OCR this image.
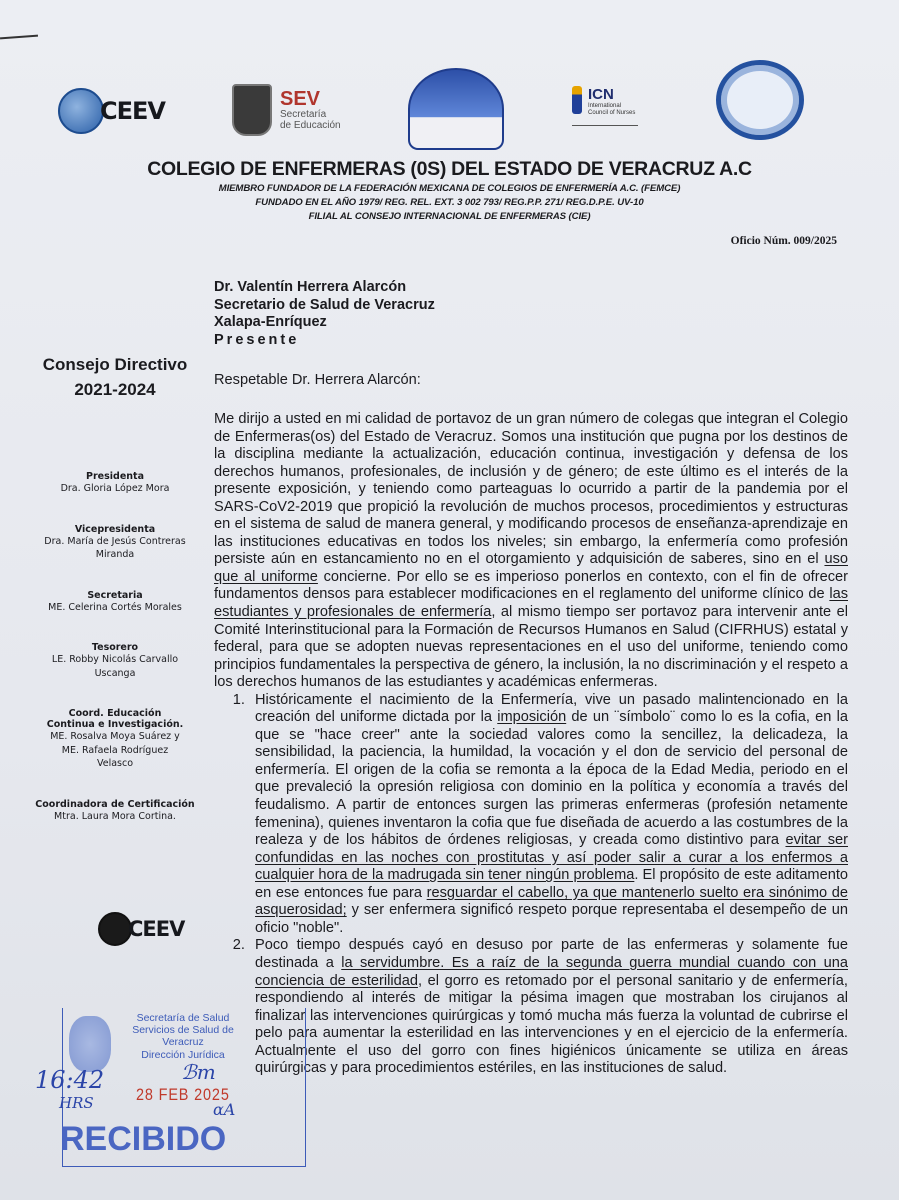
CEEV	SEV
Secretaría
de Educación
ICN
International Council of Nurses
COLEGIO DE ENFERMERAS (0S) DEL ESTADO DE VERACRUZ A.C
MIEMBRO FUNDADOR DE LA FEDERACIÓN MEXICANA DE COLEGIOS DE ENFERMERÍA A.C. (FEMCE)
FUNDADO EN EL AÑO 1979/ REG. REL. EXT. 3 002 793/ REG.P.P. 271/ REG.D.P.E. UV-10
FILIAL AL CONSEJO INTERNACIONAL DE ENFERMERAS (CIE)
Oficio Núm. 009/2025
Dr. Valentín Herrera Alarcón
Secretario de Salud de Veracruz
Xalapa-Enríquez
Presente
Respetable Dr. Herrera Alarcón:

Me dirijo a usted en mi calidad de portavoz de un gran número de colegas que integran el Colegio de Enfermeras(os) del Estado de Veracruz. Somos una institución que pugna por los destinos de la disciplina mediante la actualización, educación continua, investigación y defensa de los derechos humanos, profesionales, de inclusión y de género; de este último es el interés de la presente exposición, y teniendo como parteaguas lo ocurrido a partir de la pandemia por el SARS-CoV2-2019 que propició la revolución de muchos procesos, procedimientos y estructuras en el sistema de salud de manera general, y modificando procesos de enseñanza-aprendizaje en las instituciones educativas en todos los niveles; sin embargo, la enfermería como profesión persiste aún en estancamiento no en el otorgamiento y adquisición de saberes, sino en el uso que al uniforme concierne. Por ello se es imperioso ponerlos en contexto, con el fin de ofrecer fundamentos densos para establecer modificaciones en el reglamento del uniforme clínico de las estudiantes y profesionales de enfermería, al mismo tiempo ser portavoz para intervenir ante el Comité Interinstitucional para la Formación de Recursos Humanos en Salud (CIFRHUS) estatal y federal, para que se adopten nuevas representaciones en el uso del uniforme, teniendo como principios fundamentales la perspectiva de género, la inclusión, la no discriminación y el respeto a los derechos humanos de las estudiantes y académicas enfermeras.

1. Históricamente el nacimiento de la Enfermería, vive un pasado malintencionado en la creación del uniforme dictada por la imposición de un ¨símbolo¨ como lo es la cofia, en la que se "hace creer" ante la sociedad valores como la sencillez, la delicadeza, la sensibilidad, la paciencia, la humildad, la vocación y el don de servicio del personal de enfermería. El origen de la cofia se remonta a la época de la Edad Media, periodo en el que prevaleció la opresión religiosa con dominio en la política y economía a través del feudalismo. A partir de entonces surgen las primeras enfermeras (profesión netamente femenina), quienes inventaron la cofia que fue diseñada de acuerdo a las costumbres de la realeza y de los hábitos de órdenes religiosas, y creada como distintivo para evitar ser confundidas en las noches con prostitutas y así poder salir a curar a los enfermos a cualquier hora de la madrugada sin tener ningún problema. El propósito de este aditamento en ese entonces fue para resguardar el cabello, ya que mantenerlo suelto era sinónimo de asquerosidad; y ser enfermera significó respeto porque representaba el desempeño de un oficio "noble".
2. Poco tiempo después cayó en desuso por parte de las enfermeras y solamente fue destinada a la servidumbre. Es a raíz de la segunda guerra mundial cuando con una conciencia de esterilidad, el gorro es retomado por el personal sanitario y de enfermería, respondiendo al interés de mitigar la pésima imagen que mostraban los cirujanos al finalizar las intervenciones quirúrgicas y tomó mucha más fuerza la voluntad de cubrirse el pelo para aumentar la esterilidad en las intervenciones y en el ejercicio de la enfermería. Actualmente el uso del gorro con fines higiénicos únicamente se utiliza en áreas quirúrgicas y para procedimientos estériles, en las instituciones de salud.
Consejo Directivo 2021-2024
Presidenta
Dra. Gloria López Mora
Vicepresidenta
Dra. María de Jesús Contreras
Miranda
Secretaria
ME. Celerina Cortés Morales
Tesorero
LE. Robby Nicolás Carvallo
Uscanga
Coord. Educación Continua e Investigación.
ME. Rosalva Moya Suárez y
ME. Rafaela Rodríguez
Velasco
Coordinadora de Certificación
Mtra. Laura Mora Cortina.
CEEV
Secretaría de Salud
Servicios de Salud de Veracruz
Dirección Jurídica
28 FEB 2025
RECIBIDO
16:42
HRS	ɑA
ℬm
